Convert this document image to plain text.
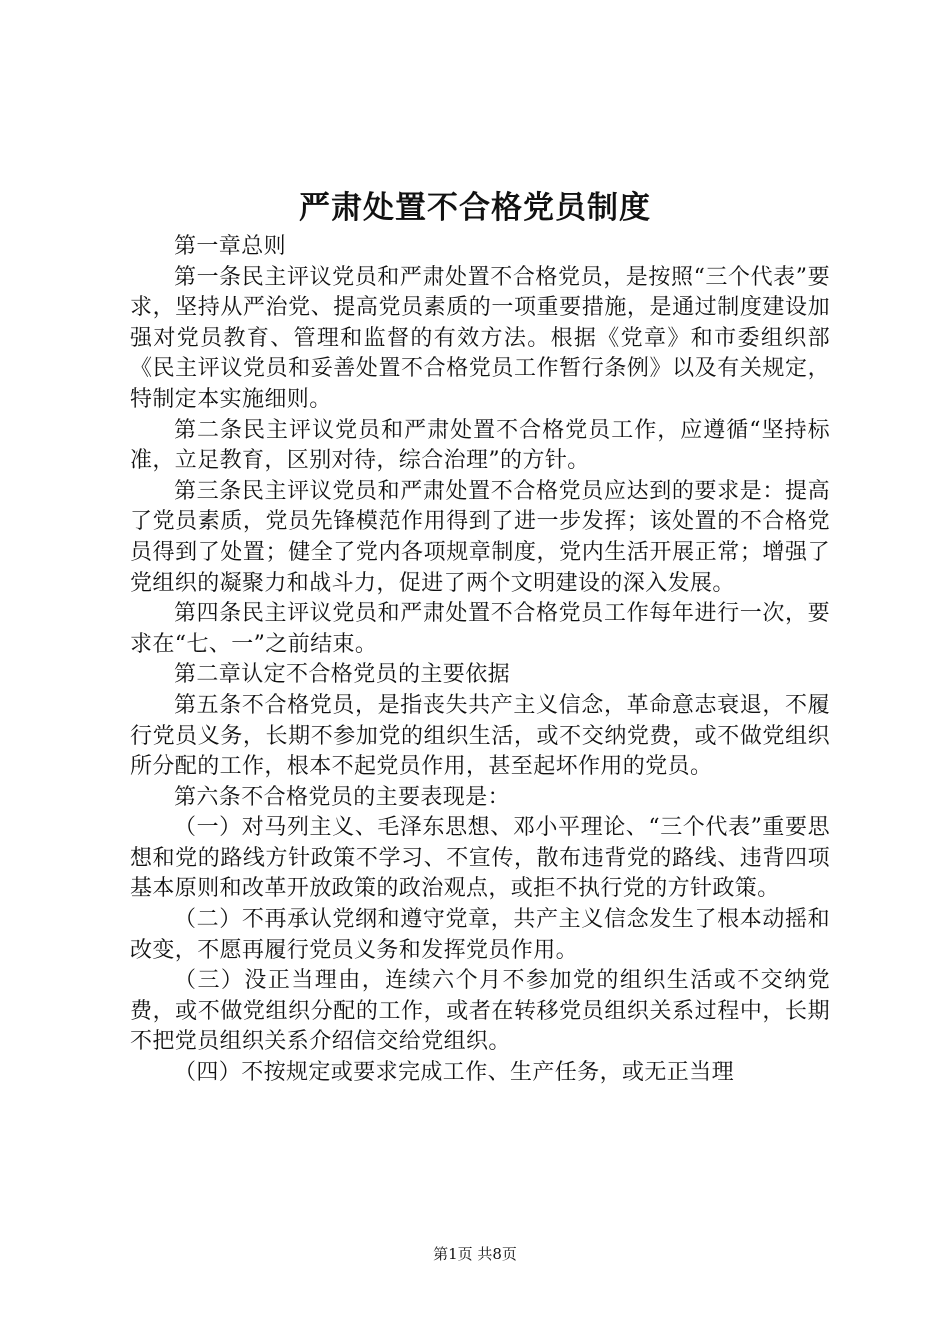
严肃处置不合格党员制度

第一章总则

第一条民主评议党员和严肃处置不合格党员，是按照“三个代表”要求，坚持从严治党、提高党员素质的一项重要措施，是通过制度建设加强对党员教育、管理和监督的有效方法。根据《党章》和市委组织部《民主评议党员和妥善处置不合格党员工作暂行条例》以及有关规定，特制定本实施细则。

第二条民主评议党员和严肃处置不合格党员工作，应遵循“坚持标准，立足教育，区别对待，综合治理”的方针。

第三条民主评议党员和严肃处置不合格党员应达到的要求是：提高了党员素质，党员先锋模范作用得到了进一步发挥；该处置的不合格党员得到了处置；健全了党内各项规章制度，党内生活开展正常；增强了党组织的凝聚力和战斗力，促进了两个文明建设的深入发展。

第四条民主评议党员和严肃处置不合格党员工作每年进行一次，要求在“七、一”之前结束。

第二章认定不合格党员的主要依据

第五条不合格党员，是指丧失共产主义信念，革命意志衰退，不履行党员义务，长期不参加党的组织生活，或不交纳党费，或不做党组织所分配的工作，根本不起党员作用，甚至起坏作用的党员。

第六条不合格党员的主要表现是：

（一）对马列主义、毛泽东思想、邓小平理论、“三个代表”重要思想和党的路线方针政策不学习、不宣传，散布违背党的路线、违背四项基本原则和改革开放政策的政治观点，或拒不执行党的方针政策。

（二）不再承认党纲和遵守党章，共产主义信念发生了根本动摇和改变，不愿再履行党员义务和发挥党员作用。

（三）没正当理由，连续六个月不参加党的组织生活或不交纳党费，或不做党组织分配的工作，或者在转移党员组织关系过程中，长期不把党员组织关系介绍信交给党组织。

（四）不按规定或要求完成工作、生产任务，或无正当理

第1页 共8页
